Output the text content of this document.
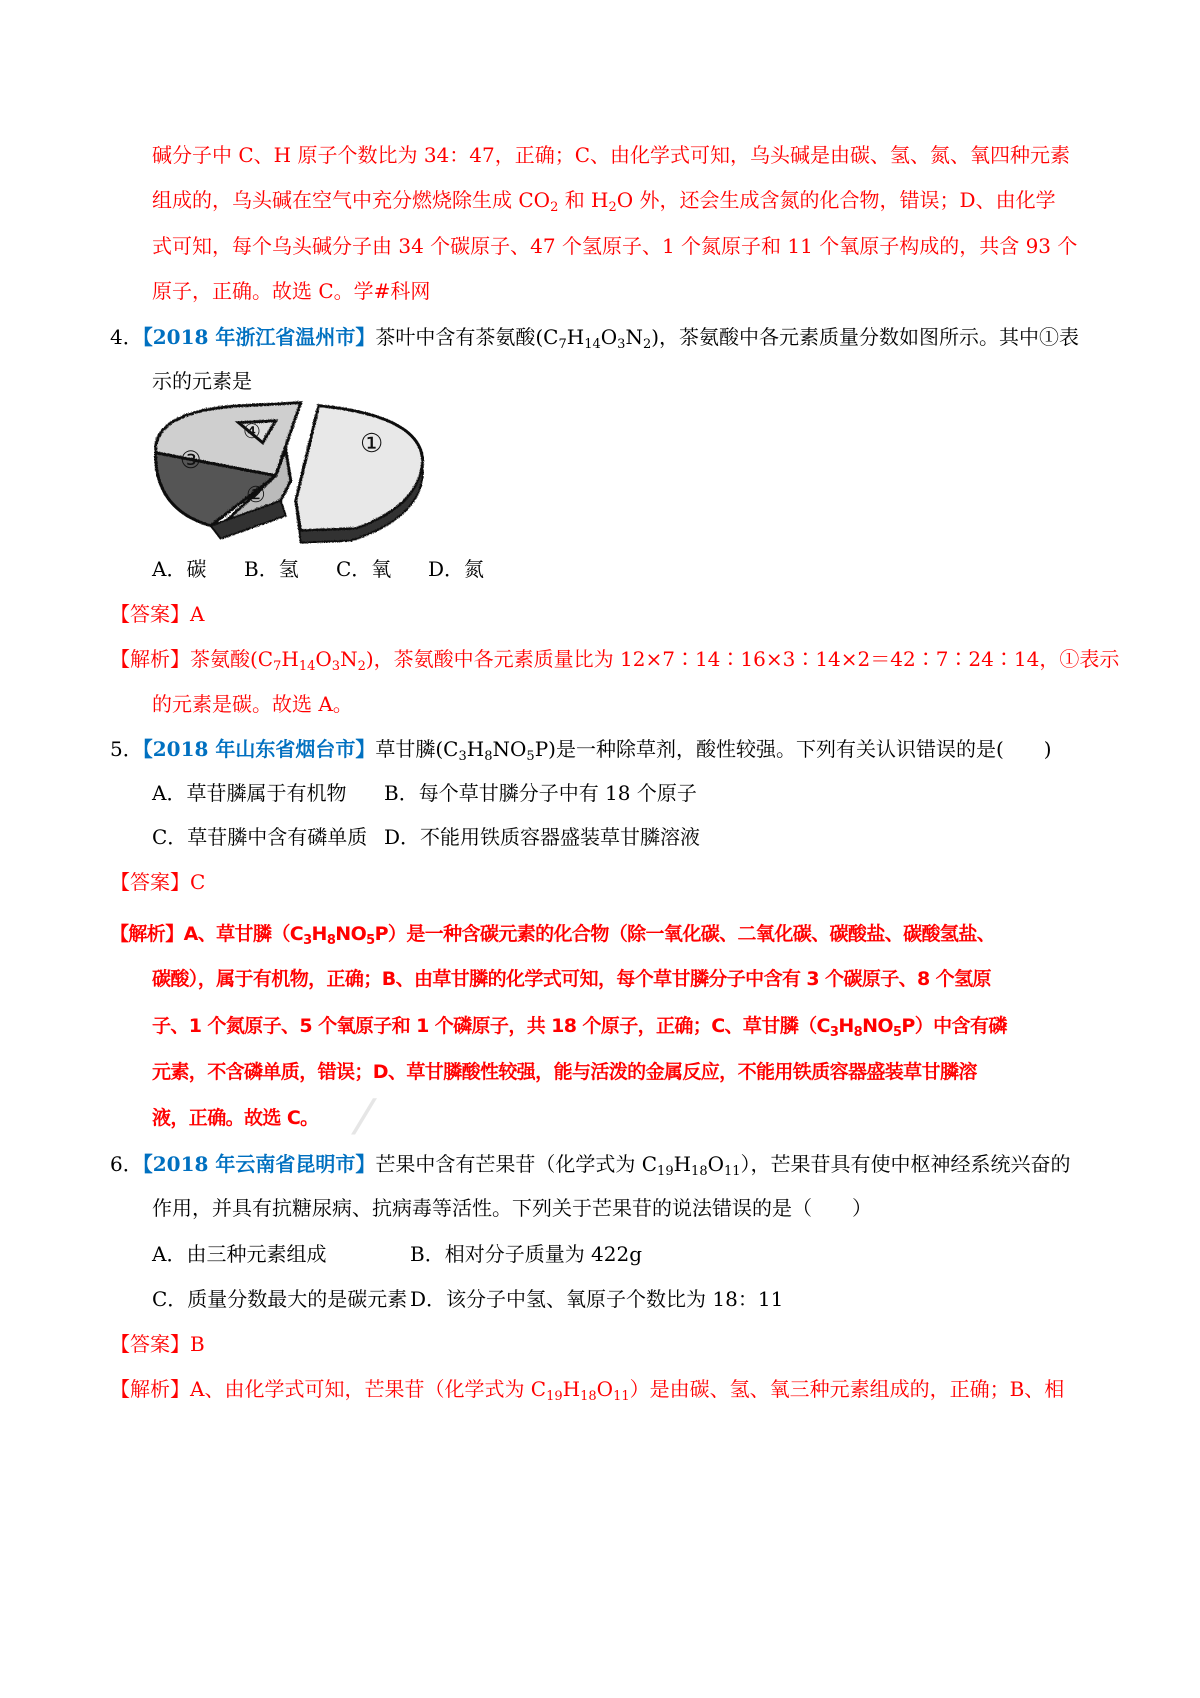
碱分子中 C、H 原子个数比为 34：47，正确；C、由化学式可知，乌头碱是由碳、氢、氮、氧四种元素
组成的，乌头碱在空气中充分燃烧除生成 $CO_2$ 和 $H_2O$ 外，还会生成含氮的化合物，错误；D、由化学
式可知，每个乌头碱分子由 34 个碳原子、47 个氢原子、1 个氮原子和 11 个氧原子构成的，共含 93 个
原子，正确。故选 C。学#科网
4．【2018 年浙江省温州市】茶叶中含有茶氨酸$(C_7H_{14}O_3N_2)$，茶氨酸中各元素质量分数如图所示。其中①表
示的元素是
①
②
③
④
A．碳 B．氢 C．氧 D．氮
【答案】A
【解析】茶氨酸$(C_7H_{14}O_3N_2)$，茶氨酸中各元素质量比为 12×7∶14∶16×3∶14×2＝42∶7∶24∶14，①表示
的元素是碳。故选 A。
5．【2018 年山东省烟台市】草甘膦$(C_3H_8NO_5P)$是一种除草剂，酸性较强。下列有关认识错误的是(　　)
A．草苷膦属于有机物 B．每个草甘膦分子中有 18 个原子
C．草苷膦中含有磷单质 D．不能用铁质容器盛装草甘膦溶液
【答案】C
【解析】A、草甘膦$(C_3H_8NO_5P)$是一种含碳元素的化合物（除一氧化碳、二氧化碳、碳酸盐、碳酸氢盐、
碳酸），属于有机物，正确；B、由草甘膦的化学式可知，每个草甘膦分子中含有 3 个碳原子、8 个氢原
子、1 个氮原子、5 个氧原子和 1 个磷原子，共 18 个原子，正确；C、草甘膦$(C_3H_8NO_5P)$中含有磷
元素，不含磷单质，错误；D、草甘膦酸性较强，能与活泼的金属反应，不能用铁质容器盛装草甘膦溶
液，正确。故选 C。 ⁄
6．【2018 年云南省昆明市】芒果中含有芒果苷（化学式为 $C_{19}H_{18}O_{11}$），芒果苷具有使中枢神经系统兴奋的
作用，并具有抗糖尿病、抗病毒等活性。下列关于芒果苷的说法错误的是（　　）
A．由三种元素组成	B．相对分子质量为 422g
C．质量分数最大的是碳元素 D．该分子中氢、氧原子个数比为 18：11
【答案】B
【解析】A、由化学式可知，芒果苷（化学式为 $C_{19}H_{18}O_{11}$）是由碳、氢、氧三种元素组成的，正确；B、相
